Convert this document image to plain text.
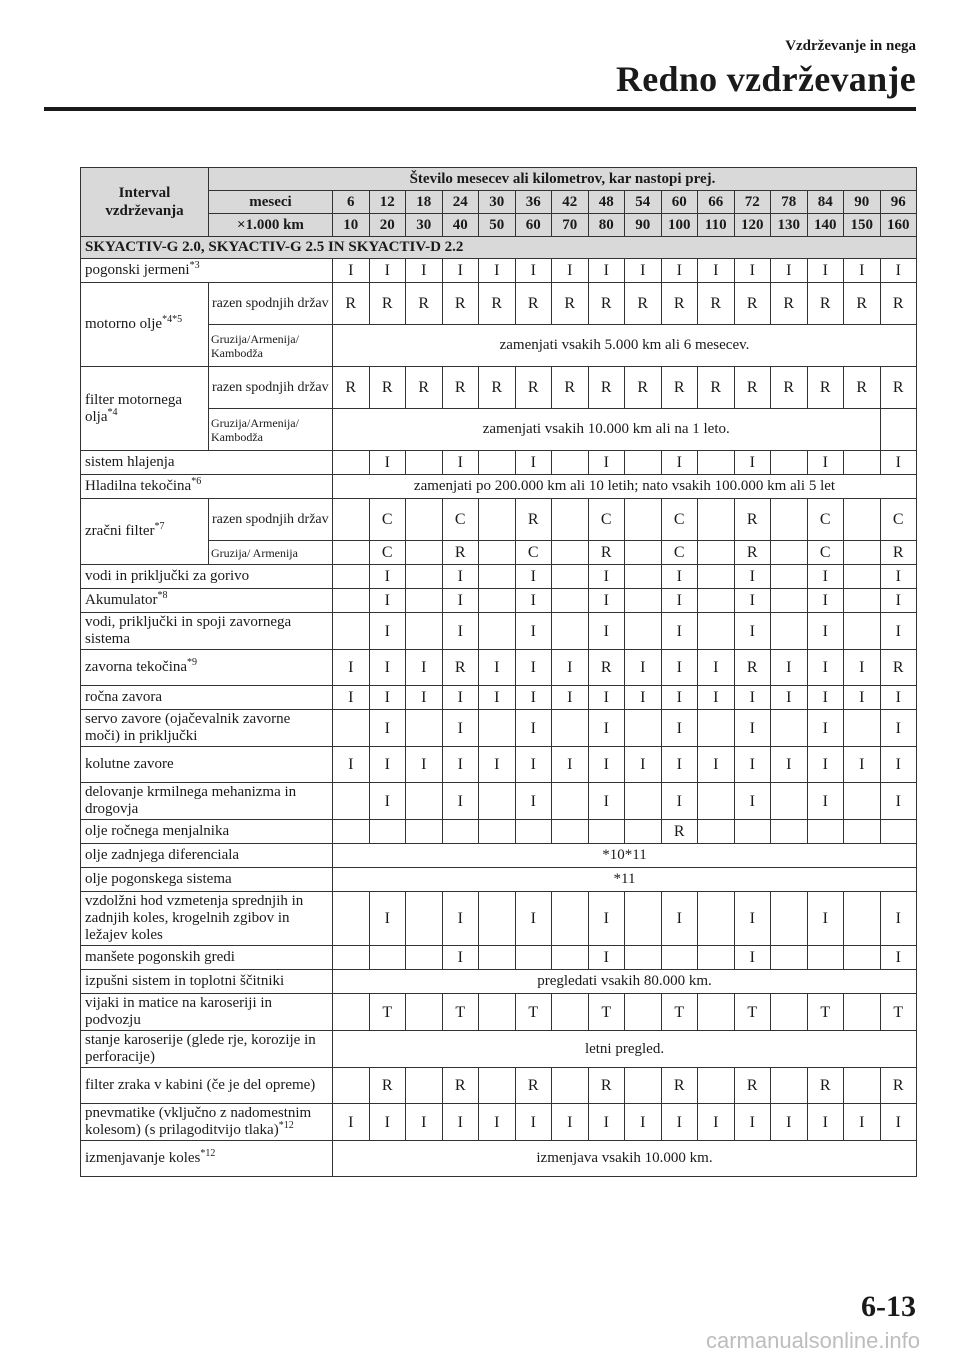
Vzdrževanje in nega
Redno vzdrževanje
Interval vzdrževanja	Število mesecev ali kilometrov, kar nastopi prej.																
	meseci	6	12	18	24	30	36	42	48	54	60	66	72	78	84	90	96
	×1.000 km	10	20	30	40	50	60	70	80	90	100	110	120	130	140	150	160
SKYACTIV-G 2.0, SKYACTIV-G 2.5 IN SKYACTIV-D 2.2																	
pogonski jermeni$^{*3}$		I	I	I	I	I	I	I	I	I	I	I	I	I	I	I	I
motorno olje$^{*4*5}$	razen spodnjih držav	R	R	R	R	R	R	R	R	R	R	R	R	R	R	R	R
	Gruzija/Armenija/ Kambodža	zamenjati vsakih 5.000 km ali 6 mesecev.															
filter motornega olja$^{*4}$	razen spodnjih držav	R	R	R	R	R	R	R	R	R	R	R	R	R	R	R	R
	Gruzija/Armenija/ Kambodža	zamenjati vsakih 10.000 km ali na 1 leto.															
sistem hlajenja			I		I		I		I		I		I		I		I
Hladilna tekočina$^{*6}$		zamenjati po 200.000 km ali 10 letih; nato vsakih 100.000 km ali 5 let															
zračni filter$^{*7}$	razen spodnjih držav		C		C		R		C		C		R		C		C
	Gruzija/ Armenija		C		R		C		R		C		R		C		R
vodi in priključki za gorivo			I		I		I		I		I		I		I		I
Akumulator$^{*8}$			I		I		I		I		I		I		I		I
vodi, priključki in spoji zavornega sistema			I		I		I		I		I		I		I		I
zavorna tekočina$^{*9}$		I	I	I	R	I	I	I	R	I	I	I	R	I	I	I	R
ročna zavora		I	I	I	I	I	I	I	I	I	I	I	I	I	I	I	I
servo zavore (ojačevalnik zavorne moči) in priključki			I		I		I		I		I		I		I		I
kolutne zavore		I	I	I	I	I	I	I	I	I	I	I	I	I	I	I	I
delovanje krmilnega mehanizma in drogovja			I		I		I		I		I		I		I		I
olje ročnega menjalnika											R						
olje zadnjega diferenciala		*10*11															
olje pogonskega sistema		*11															
vzdolžni hod vzmetenja sprednjih in zadnjih koles, krogelnih zgibov in ležajev koles			I		I		I		I		I		I		I		I
manšete pogonskih gredi					I				I				I				I
izpušni sistem in toplotni ščitniki		pregledati vsakih 80.000 km.															
vijaki in matice na karoseriji in podvozju			T		T		T		T		T		T		T		T
stanje karoserije (glede rje, korozije in perforacije)		letni pregled.															
filter zraka v kabini (če je del opreme)			R		R		R		R		R		R		R		R
pnevmatike (vključno z nadomestnim kolesom) (s prilagoditvijo tlaka)$^{*12}$		I	I	I	I	I	I	I	I	I	I	I	I	I	I	I	I
izmenjavanje koles$^{*12}$		izmenjava vsakih 10.000 km.															
6-13
carmanualsonline.info
